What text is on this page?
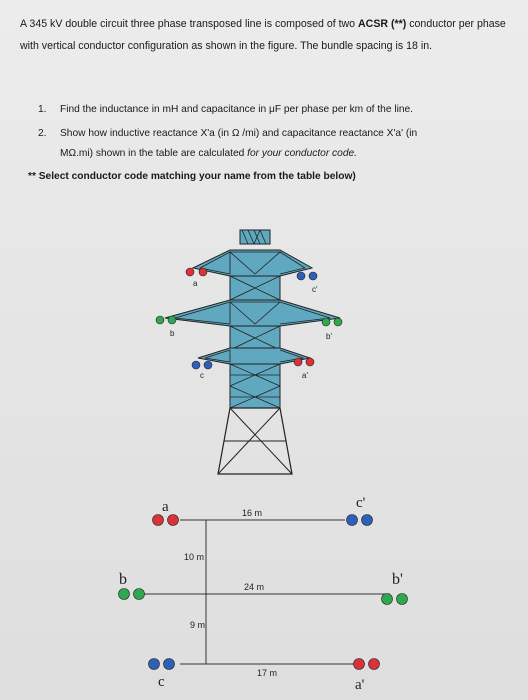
A 345 kV double circuit three phase transposed line is composed of two ACSR (**) conductor per phase with vertical conductor configuration as shown in the figure. The bundle spacing is 18 in.
1.	Find the inductance in mH and capacitance in μF per phase per km of the line.
2.	Show how inductive reactance X'a (in Ω /mi) and capacitance reactance X'a' (in
MΩ.mi) shown in the table are calculated for your conductor code.
** Select conductor code matching your name from the table below)
a
c'
b	b'
c	a'
a	c'
b	b'
c	a'
16 m
10 m
24 m
9 m
17 m
